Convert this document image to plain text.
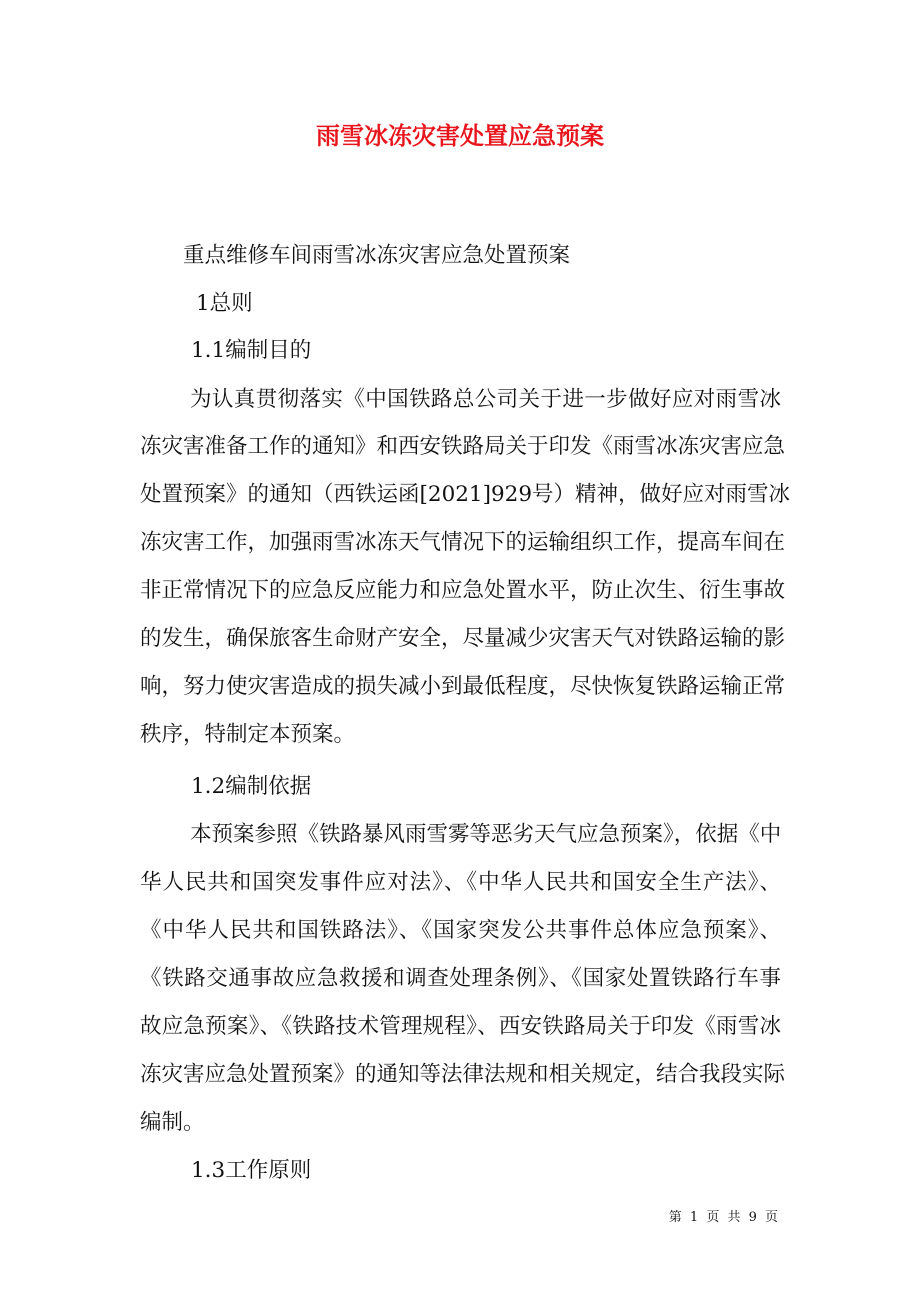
雨雪冰冻灾害处置应急预案
重点维修车间雨雪冰冻灾害应急处置预案
1总则
1.1编制目的
为认真贯彻落实《中国铁路总公司关于进一步做好应对雨雪冰
冻灾害准备工作的通知》和西安铁路局关于印发《雨雪冰冻灾害应急
处置预案》的通知（西铁运函[2021]929号）精神，做好应对雨雪冰
冻灾害工作，加强雨雪冰冻天气情况下的运输组织工作，提高车间在
非正常情况下的应急反应能力和应急处置水平，防止次生、衍生事故
的发生，确保旅客生命财产安全，尽量减少灾害天气对铁路运输的影
响，努力使灾害造成的损失减小到最低程度，尽快恢复铁路运输正常
秩序，特制定本预案。
1.2编制依据
本预案参照《铁路暴风雨雪雾等恶劣天气应急预案》，依据《中
华人民共和国突发事件应对法》、《中华人民共和国安全生产法》、
《中华人民共和国铁路法》、《国家突发公共事件总体应急预案》、
《铁路交通事故应急救援和调查处理条例》、《国家处置铁路行车事
故应急预案》、《铁路技术管理规程》、西安铁路局关于印发《雨雪冰
冻灾害应急处置预案》的通知等法律法规和相关规定，结合我段实际
编制。
1.3工作原则
第 1 页 共 9 页
